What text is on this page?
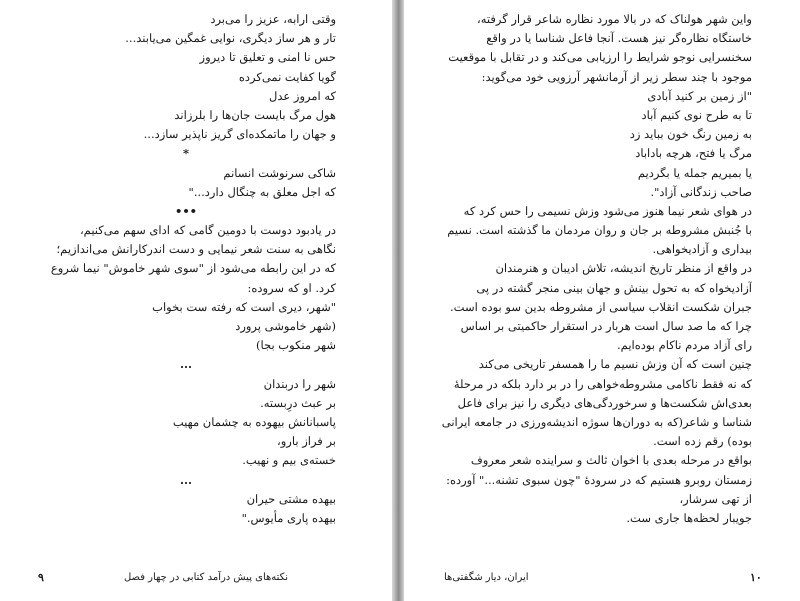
وقتی ارابه، عزیز را می‌برد
تار و هر ساز دیگری، نوایی غمگین می‌یابند...
حس نا امنی و تعلیق تا دیروز
گویا کفایت نمی‌کرده
که امروز عدل
هول مرگ بایست جان‌ها را بلرزاند
و جهان را ماتمکده‌ای گریز ناپذیر سازد...
*
شاکی سرنوشت انسانم
که اجل معلق به چنگال دارد..."
•••
در یادبود دوست با دومین گامی که ادای سهم می‌کنیم،
نگاهی به سنت شعر نیمایی و دست اندرکارانش می‌اندازیم؛
که در این رابطه می‌شود از "سوی شهر خاموش" نیما شروع
کرد. او که سروده:
"شهر، دیری است که رفته ست بخواب
(شهر خاموشی پرورد
شهر منکوب بجا)
...
شهر را دربندان
بر عبث درِبسته.
پاسبانانش بیهوده به چشمان مهیب
بر فراز بارو،
خسته‌ی بیم و نهیب.
...
بیهده مشتی حیران
بیهده پاری مأیوس."
نکته‌های پیش درآمد کتابی در چهار فصل
۹
واین شهر هولناک که در بالا مورد نظاره شاعر قرار گرفته،
خاستگاه نظاره‌گر نیز هست. آنجا فاعل شناسا یا در واقع
سخنسرایی نوجو شرایط را ارزیابی می‌کند و در تقابل با موقعیت
موجود با چند سطر زیر از آرمانشهر آرزویی خود می‌گوید:
"از زمین بر کنید آبادی
تا به طرح نوی کنیم آباد
به زمین رنگ خون بباید زد
مرگ یا فتح، هرچه باداباد
یا بمیریم جمله یا بگردیم
صاحب زندگانی آزاد".
در هوای شعر نیما هنوز می‌شود وزش نسیمی را حس کرد که
با جُنبش مشروطه بر جان و روان مردمان ما گذشته است. نسیم
بیداری و آزادیخواهی.
در واقع از منظر تاریخ اندیشه، تلاش ادیبان و هنرمندان
آزادیخواه که به تحول بینش و جهان بینی منجر گشته در پی
جبران شکست انقلاب سیاسی از مشروطه بدین سو بوده است.
چرا که ما صد سال است هربار در استقرار حاکمیتی بر اساس
رای آزاد مردم ناکام بوده‌ایم.
چنین است که آن وزش نسیم ما را همسفر تاریخی می‌کند
که نه فقط ناکامی مشروطه‌خواهی را در بر دارد بلکه در مرحلهٔ
بعدی‌اش شکست‌ها و سرخوردگی‌های دیگری را نیز برای فاعل
شناسا و شاعر(که به دوران‌ها سوژه اندیشه‌ورزی در جامعه ایرانی
بوده) رقم زده است.
بواقع در مرحله بعدی با اخوان ثالث و سراینده شعر معروف
زمستان روبرو هستیم که در سرودهٔ "چون سبوی تشنه..." آورده:
از تهی سرشار،
جویبار لحظه‌ها جاری ست.
ایران، دیار شگفتی‌ها	۱۰
